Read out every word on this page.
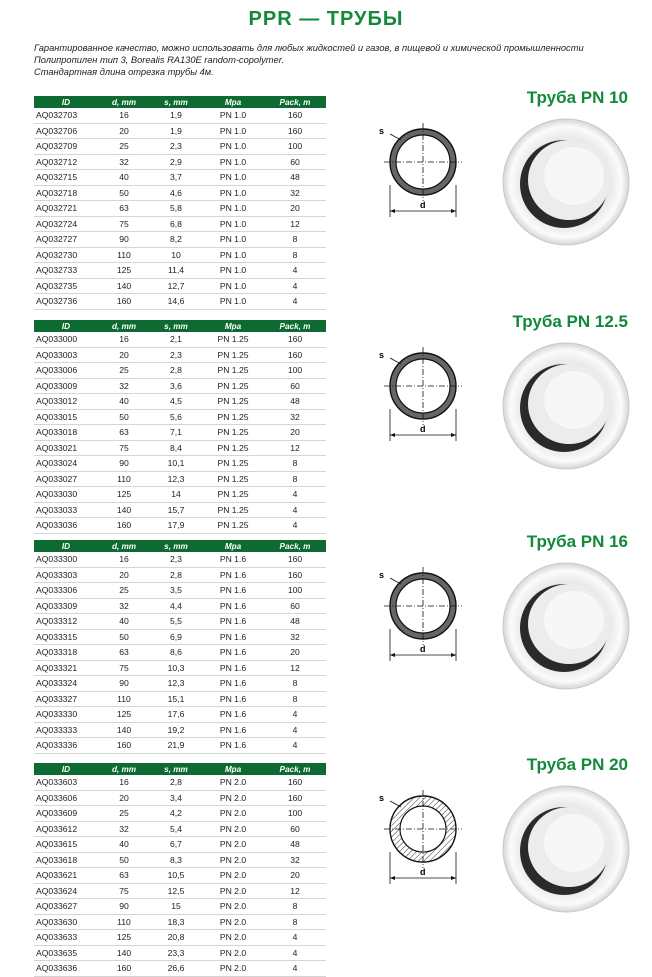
PPR — ТРУБЫ
Гарантированное качество, можно использовать для любых жидкостей и газов, в пищевой и химической промышленности
Полипропилен тип 3, Borealis RA130E random-copolymer.
Стандартная длина отрезка трубы 4м.
ID	d, mm	s, mm	Mpa	Pack, m
AQ032703	16	1,9	PN 1.0	160
AQ032706	20	1,9	PN 1.0	160
AQ032709	25	2,3	PN 1.0	100
AQ032712	32	2,9	PN 1.0	60
AQ032715	40	3,7	PN 1.0	48
AQ032718	50	4,6	PN 1.0	32
AQ032721	63	5,8	PN 1.0	20
AQ032724	75	6,8	PN 1.0	12
AQ032727	90	8,2	PN 1.0	8
AQ032730	110	10	PN 1.0	8
AQ032733	125	11,4	PN 1.0	4
AQ032735	140	12,7	PN 1.0	4
AQ032736	160	14,6	PN 1.0	4
Труба PN 10
s
d
ID	d, mm	s, mm	Mpa	Pack, m
AQ033000	16	2,1	PN 1.25	160
AQ033003	20	2,3	PN 1.25	160
AQ033006	25	2,8	PN 1.25	100
AQ033009	32	3,6	PN 1.25	60
AQ033012	40	4,5	PN 1.25	48
AQ033015	50	5,6	PN 1.25	32
AQ033018	63	7,1	PN 1.25	20
AQ033021	75	8,4	PN 1.25	12
AQ033024	90	10,1	PN 1.25	8
AQ033027	110	12,3	PN 1.25	8
AQ033030	125	14	PN 1.25	4
AQ033033	140	15,7	PN 1.25	4
AQ033036	160	17,9	PN 1.25	4
Труба PN 12.5
s
d
ID	d, mm	s, mm	Mpa	Pack, m
AQ033300	16	2,3	PN 1.6	160
AQ033303	20	2,8	PN 1.6	160
AQ033306	25	3,5	PN 1.6	100
AQ033309	32	4,4	PN 1.6	60
AQ033312	40	5,5	PN 1.6	48
AQ033315	50	6,9	PN 1.6	32
AQ033318	63	8,6	PN 1.6	20
AQ033321	75	10,3	PN 1.6	12
AQ033324	90	12,3	PN 1.6	8
AQ033327	110	15,1	PN 1.6	8
AQ033330	125	17,6	PN 1.6	4
AQ033333	140	19,2	PN 1.6	4
AQ033336	160	21,9	PN 1.6	4
Труба PN 16
s
d
ID	d, mm	s, mm	Mpa	Pack, m
AQ033603	16	2,8	PN 2.0	160
AQ033606	20	3,4	PN 2.0	160
AQ033609	25	4,2	PN 2.0	100
AQ033612	32	5,4	PN 2.0	60
AQ033615	40	6,7	PN 2.0	48
AQ033618	50	8,3	PN 2.0	32
AQ033621	63	10,5	PN 2.0	20
AQ033624	75	12,5	PN 2.0	12
AQ033627	90	15	PN 2.0	8
AQ033630	110	18,3	PN 2.0	8
AQ033633	125	20,8	PN 2.0	4
AQ033635	140	23,3	PN 2.0	4
AQ033636	160	26,6	PN 2.0	4
Труба PN 20
s
d
